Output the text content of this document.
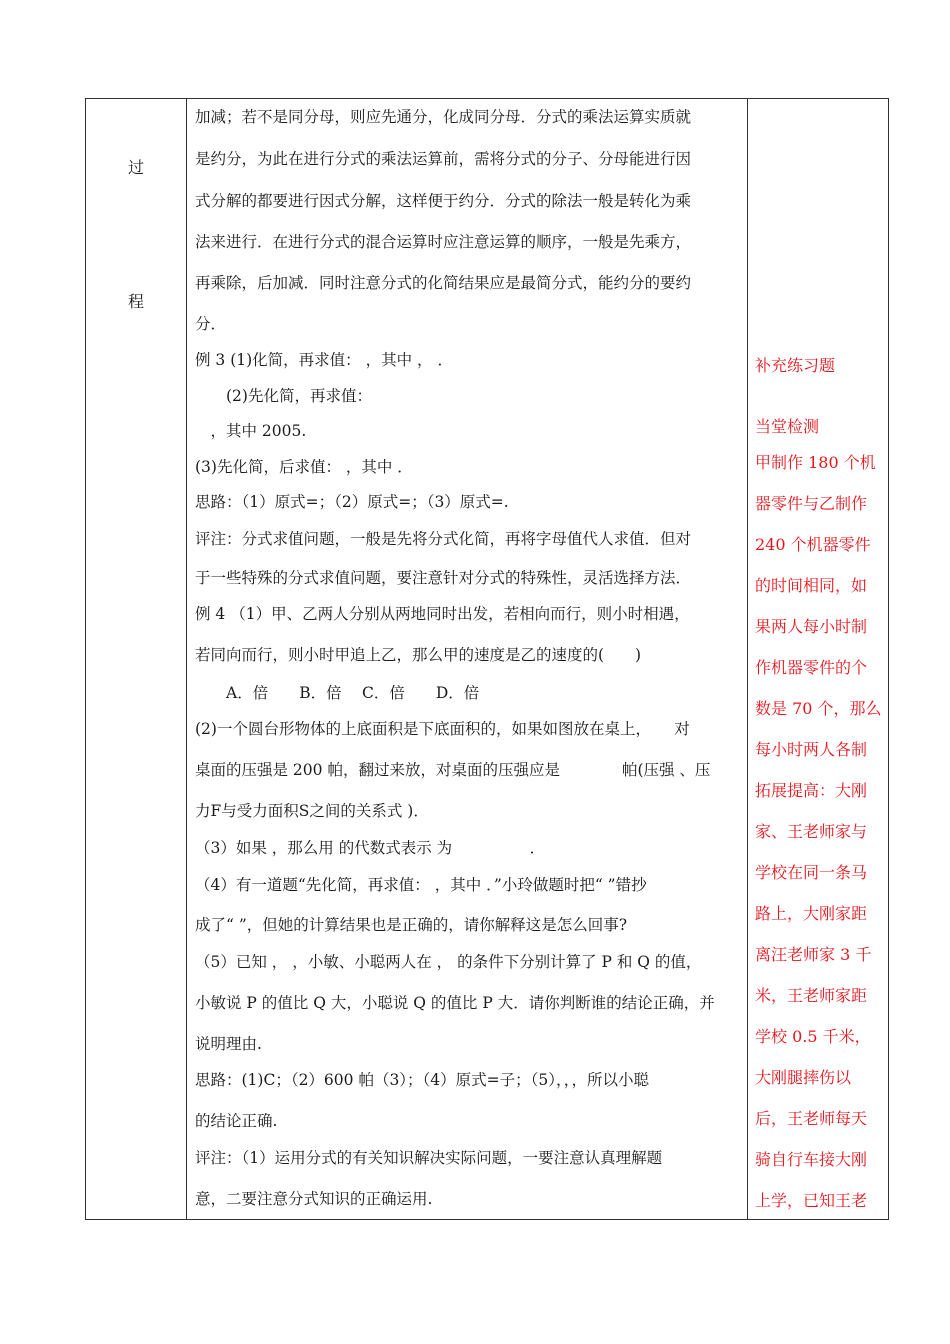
过
程
加减；若不是同分母，则应先通分，化成同分母．分式的乘法运算实质就
是约分，为此在进行分式的乘法运算前，需将分式的分子、分母能进行因
式分解的都要进行因式分解，这样便于约分．分式的除法一般是转化为乘
法来进行．在进行分式的混合运算时应注意运算的顺序，一般是先乘方，
再乘除，后加减．同时注意分式的化简结果应是最简分式，能约分的要约
分．
例 3 (1)化简，再求值： ，其中 ， ．
　　(2)先化简，再求值：
　，其中 2005.
(3)先化简，后求值： ，其中 ．
思路：（1）原式=；（2）原式=；（3）原式=.
评注：分式求值问题，一般是先将分式化简，再将字母值代人求值．但对
于一些特殊的分式求值问题，要注意针对分式的特殊性，灵活选择方法．
例 4 （1）甲、乙两人分别从两地同时出发，若相向而行，则小时相遇，
若同向而行，则小时甲追上乙，那么甲的速度是乙的速度的(　　)
　　A．倍　　B．倍　 C．倍　　D．倍
(2)一个圆台形物体的上底面积是下底面积的，如果如图放在桌上，　　对
桌面的压强是 200 帕，翻过来放，对桌面的压强应是　　　　帕(压强 、压
力F与受力面积S之间的关系式 )．
（3）如果 ，那么用 的代数式表示 为　　　　　．
（4）有一道题“先化简，再求值： ，其中 ．”小玲做题时把“ ”错抄
成了“ ”，但她的计算结果也是正确的，请你解释这是怎么回事?
（5）已知 ， ，小敏、小聪两人在 ， 的条件下分别计算了 P 和 Q 的值，
小敏说 P 的值比 Q 大，小聪说 Q 的值比 P 大．请你判断谁的结论正确，并
说明理由.
思路：(1)C；（2）600 帕（3）；（4）原式=子；（5），，，所以小聪
的结论正确.
评注：（1）运用分式的有关知识解决实际问题，一要注意认真理解题
意，二要注意分式知识的正确运用.
补充练习题
当堂检测
甲制作 180 个机
器零件与乙制作
240 个机器零件
的时间相同，如
果两人每小时制
作机器零件的个
数是 70 个，那么
每小时两人各制
拓展提高：大刚
家、王老师家与
学校在同一条马
路上，大刚家距
离汪老师家 3 千
米，王老师家距
学校 0.5 千米，
大刚腿摔伤以
后，王老师每天
骑自行车接大刚
上学，已知王老
